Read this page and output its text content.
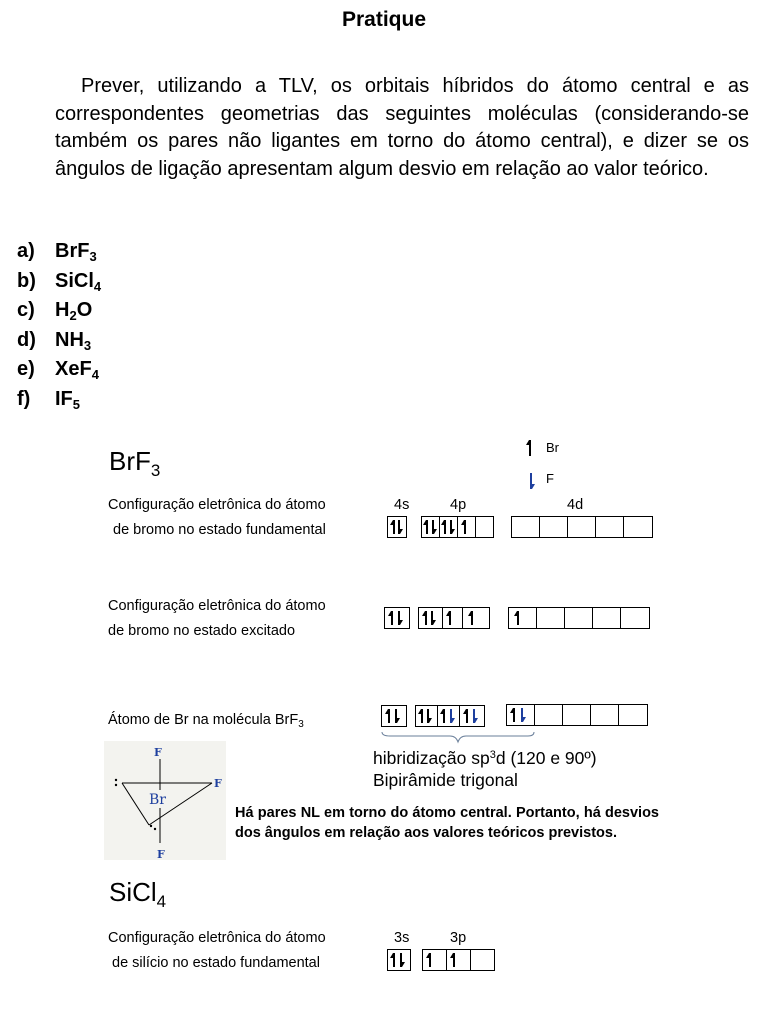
Pratique
Prever, utilizando a TLV, os orbitais híbridos do átomo central e as correspondentes geometrias das seguintes moléculas (considerando-se também os pares não ligantes em torno do átomo central), e dizer se os ângulos de ligação apresentam algum desvio em relação ao valor teórico.
a)	BrF$_3$
b) SiCl$_4$
c)	$H_2O$
d) $NH_3$
e)	XeF$_4$
f)	$IF_5$
BrF$_3$
Br
F
4s	4p	4d
Configuração eletrônica do átomo
de bromo no estado fundamental
Configuração eletrônica do átomo
de bromo no estado excitado
Átomo de Br na molécula BrF$_3$
hibridização $sp^3d$ (120 e 90º)
Bipirâmide trigonal
Br
F
F
F
Há pares NL em torno do átomo central. Portanto, há desvios dos ângulos em relação aos valores teóricos previstos.
SiCl$_4$
Configuração eletrônica do átomo
de silício no estado fundamental
3s	3p
